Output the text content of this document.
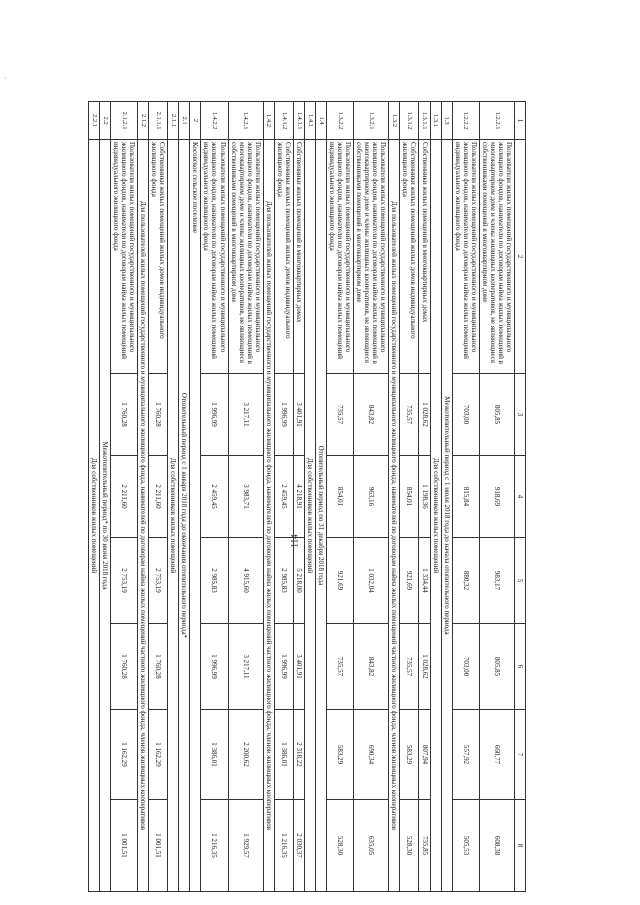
114
·
1	2	3	4	5	6	7	8
1.2.2.1	Пользователи жилых помещений государственного и муниципального жилищного фондов, наниматели по договорам найма жилых помещений в многоквартирном доме и члены жилищных кооперативов, не являющиеся собственниками помещений в многоквартирном доме	805,85	918,69	983,17	805,85	660,77	608,38
1.2.2.2	Пользователи жилых помещений государственного и муниципального жилищного фондов, наниматели по договорам найма жилых помещений индивидуального жилищного фонда	703,00	815,84	880,32	703,00	557,92	505,53
1.3	Межотопительный период с 1 июля 2018 года до начала отопительного периода						
1.3.1	Для собственников жилых помещений						
1.3.1.1	Собственники жилых помещений в многоквартирных домах	1 028,62	1 198,36	1 334,44	1 028,62	807,94	735,85
1.3.1.2	Собственники жилых помещений жилых домов индивидуального жилищного фонда	735,57	854,01	921,69	735,57	583,29	528,30
1.3.2	Для пользователей жилых помещений государственного и муниципального жилищного фонда, нанимателей по договорам найма жилых помещений частного жилищного фонда, членов жилищных кооперативов						
1.3.2.1	Пользователи жилых помещений государственного и муниципального жилищного фондов, наниматели по договорам найма жилых помещений в многоквартирном доме и члены жилищных кооперативов, не являющиеся собственниками помещений в многоквартирном доме	843,82	963,16	1 032,04	843,82	690,34	635,05
1.3.2.2	Пользователи жилых помещений государственного и муниципального жилищного фондов, наниматели по договорам найма жилых помещений индивидуального жилищного фонда	735,57	854,01	921,69	735,57	583,29	528,30
1.4	Отопительный период по 31 декабря 2018 года						
1.4.1	Для собственников жилых помещений						
1.4.1.1	Собственники жилых помещений в многоквартирных домах	3 401,91	4 218,91	5 218,00	3 401,91	2 318,22	2 030,37
1.4.1.2	Собственники жилых помещений жилых домов индивидуального жилищного фонда	1 996,99	2 459,45	2 985,83	1 996,99	1 386,01	1 216,35
1.4.2	Для пользователей жилых помещений государственного и муниципального жилищного фонда, нанимателей по договорам найма жилых помещений частного жилищного фонда, членов жилищных кооперативов						
1.4.2.1	Пользователи жилых помещений государственного и муниципального жилищного фондов, наниматели по договорам найма жилых помещений в многоквартирном доме и члены жилищных кооперативов, не являющиеся собственниками помещений в многоквартирном доме	3 217,11	3 983,71	4 915,60	3 217,11	2 200,62	1 929,57
1.4.2.2	Пользователи жилых помещений государственного и муниципального жилищного фондов, наниматели по договорам найма жилых помещений индивидуального жилищного фонда	1 996,99	2 459,45	2 985,83	1 996,99	1 386,01	1 216,35
2	Косовское сельское поселение						
2.1	Отопительный период с 1 января 2018 года до окончания отопительного периода*						
2.1.1	Для собственников жилых помещений						
2.1.1.1	Собственники жилых помещений жилых домов индивидуального жилищного фонда	1 760,28	2 211,60	2 753,19	1 760,28	1 162,29	1 001,51
2.1.2	Для пользователей жилых помещений государственного и муниципального жилищного фонда, нанимателей по договорам найма жилых помещений частного жилищного фонда, членов жилищных кооперативов						
2.1.2.1	Пользователи жилых помещений государственного и муниципального жилищного фондов, наниматели по договорам найма жилых помещений индивидуального жилищного фонда	1 760,28	2 211,60	2 753,19	1 760,28	1 162,29	1 001,51
2.2	Межотопительный период* по 30 июня 2018 года						
2.2.1	Для собственников жилых помещений						
